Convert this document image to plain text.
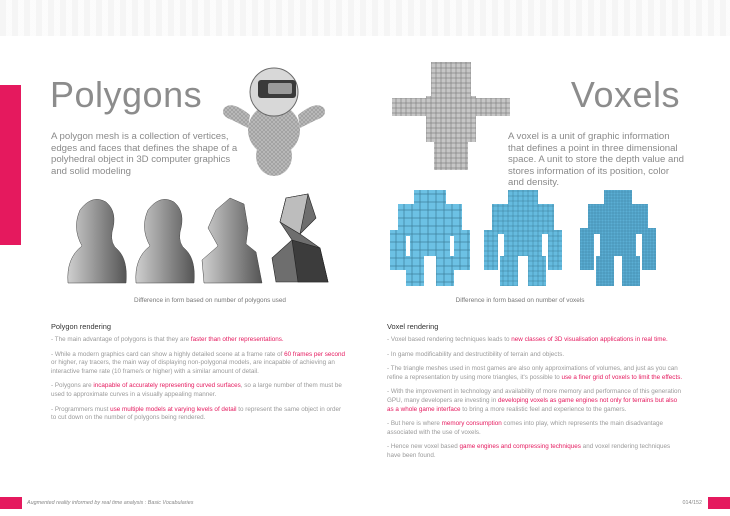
Polygons	Voxels

A polygon mesh is a collection of vertices, edges and faces that defines the shape of a polyhedral object in 3D computer graphics and solid modeling

A voxel is a unit of graphic information that defines a point in three dimensional space. A unit to store the depth value and stores information of its position, color and density.

Difference in form based on number of polygons used	Difference in form based on number of voxels
Polygon rendering	Voxel rendering

- The main advantage of polygons is that they are faster than other representations.

- While a modern graphics card can show a highly detailed scene at a frame rate of 60 frames per second or higher, ray tracers, the main way of displaying non-polygonal models, are incapable of achieving an interactive frame rate (10 frame/s or higher) with a similar amount of detail.

- Polygons are incapable of accurately representing curved surfaces, so a large number of them must be used to approximate curves in a visually appealing manner.

- Programmers must use multiple models at varying levels of detail to represent the same object in order to cut down on the number of polygons being rendered.

- Voxel based rendering techniques leads to new classes of 3D visualisation applications in real time.

- In game modificability and destructibility of terrain and objects.

- The triangle meshes used in most games are also only approximations of volumes, and just as you can refine a representation by using more triangles, it's possible to use a finer grid of voxels to limit the effects.

- With the improvement in technology and availability of more memory and performance of this generation GPU, many developers are investing in developing voxels as game engines not only for terrains but also as a whole game interface to bring a more realistic feel and experience to the gamers.

- But here is where memory consumption comes into play, which represents the main disadvantage associated with the use of voxels.

- Hence new voxel based game engines and compressing techniques and voxel rendering techniques have been found.

Augmented reality informed by real time analysis : Basic Vocabularies	014/152
